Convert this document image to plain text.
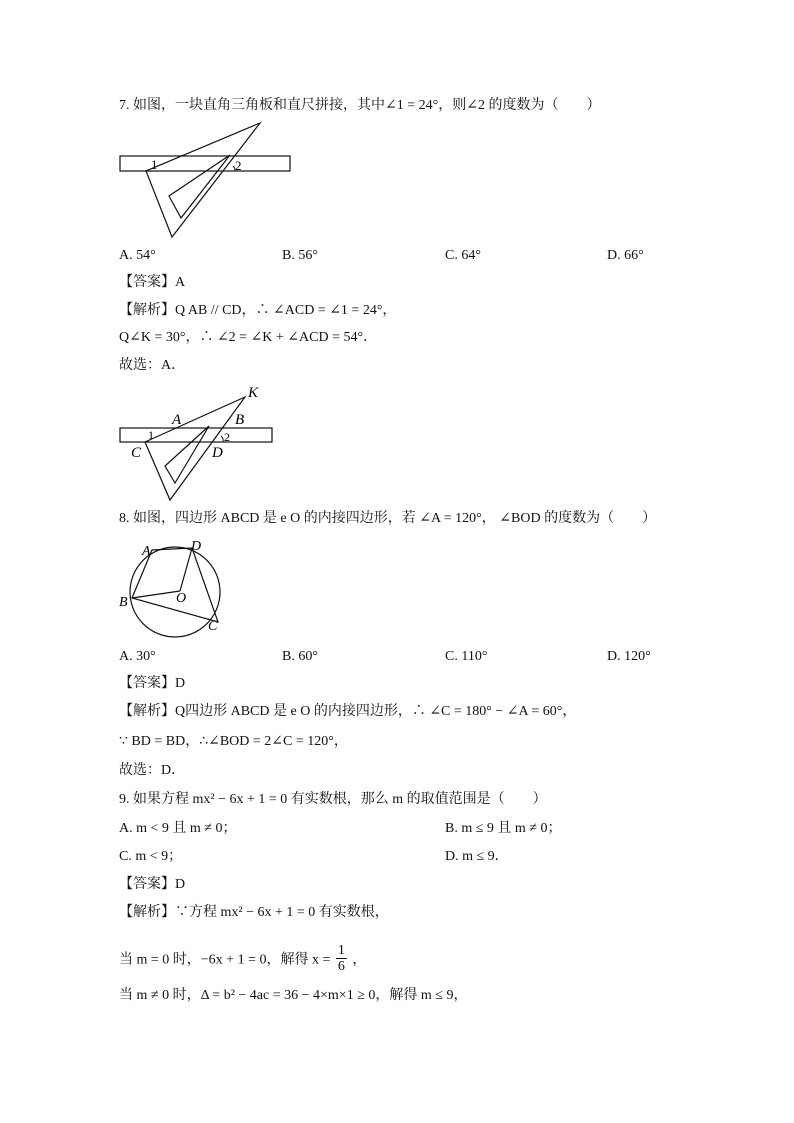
7. 如图，一块直角三角板和直尺拼接，其中∠1 = 24°，则∠2 的度数为（　　）
1	2
A. 54°	B. 56°	C. 64°	D. 66°
【答案】A
【解析】Q AB // CD，∴ ∠ACD = ∠1 = 24°，
Q∠K = 30°，∴ ∠2 = ∠K + ∠ACD = 54°．
故选：A．
K
A	B
C	D
1	2
8. 如图，四边形 ABCD 是 e O 的内接四边形，若 ∠A = 120°， ∠BOD 的度数为（　　）
A	D
B	O
C
A. 30°	B. 60°	C. 110°	D. 120°
【答案】D
【解析】Q四边形 ABCD 是 e O 的内接四边形，∴ ∠C = 180° − ∠A = 60°，
∵ BD = BD，∴∠BOD = 2∠C = 120°，
故选：D．
9. 如果方程 mx² − 6x + 1 = 0 有实数根，那么 m 的取值范围是（　　）
A. m < 9 且 m ≠ 0；	B. m ≤ 9 且 m ≠ 0；
C. m < 9；	D. m ≤ 9．
【答案】D
【解析】∵方程 mx² − 6x + 1 = 0 有实数根，
当 m = 0 时，−6x + 1 = 0，解得 $x = \frac{1}{6}$ ，
当 m ≠ 0 时，Δ = b² − 4ac = 36 − 4×m×1 ≥ 0，解得 m ≤ 9，
